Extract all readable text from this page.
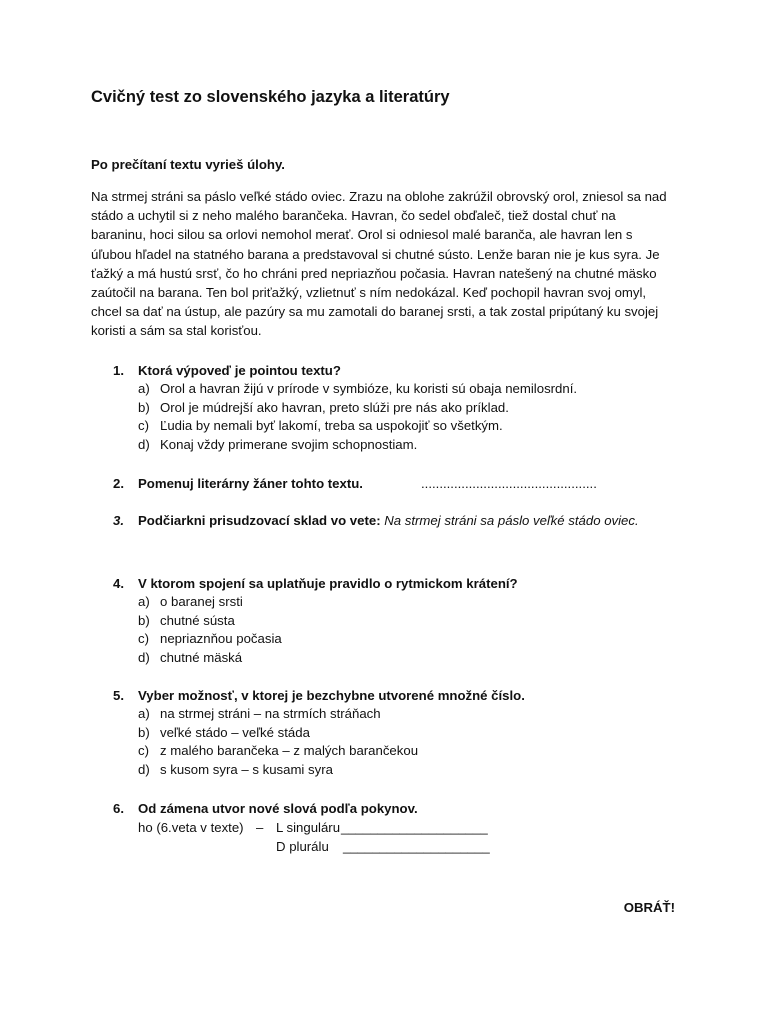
Cvičný test zo slovenského jazyka a literatúry

Po prečítaní textu vyrieš úlohy.

Na strmej stráni sa páslo veľké stádo oviec. Zrazu na oblohe zakrúžil obrovský orol, zniesol sa nad stádo a uchytil si z neho malého barančeka. Havran, čo sedel obďaleč, tiež dostal chuť na baraninu, hoci silou sa orlovi nemohol merať. Orol si odniesol malé baranča, ale havran len s úľubou hľadel na statného barana a predstavoval si chutné sústo. Lenže baran nie je kus syra. Je ťažký a má hustú srsť, čo ho chráni pred nepriazňou počasia. Havran natešený na chutné mäsko zaútočil na barana. Ten bol priťažký, vzlietnuť s ním nedokázal. Keď pochopil havran svoj omyl, chcel sa dať na ústup, ale pazúry sa mu zamotali do baranej srsti, a tak zostal pripútaný ku svojej koristi a sám sa stal korisťou.

1.	Ktorá výpoveď je pointou textu?
a) Orol a havran žijú v prírode v symbióze, ku koristi sú obaja nemilosrdní.
b) Orol je múdrejší ako havran, preto slúži pre nás ako príklad.
c) Ľudia by nemali byť lakomí, treba sa uspokojiť so všetkým.
d) Konaj vždy primerane svojim schopnostiam.
2.	Pomenuj literárny žáner tohto textu.	................................................
3.	Podčiarkni prisudzovací sklad vo vete: Na strmej stráni sa páslo veľké stádo oviec.
4.	V ktorom spojení sa uplatňuje pravidlo o rytmickom krátení?
a) o baranej srsti
b) chutné sústa
c) nepriaznňou počasia
d) chutné mäská
5.	Vyber možnosť, v ktorej je bezchybne utvorené množné číslo.
a) na strmej stráni – na strmích stráňach
b) veľké stádo – veľké stáda
c) z malého barančeka – z malých barančekou
d) s kusom syra – s kusami syra
6.	Od zámena utvor nové slová podľa pokynov.
ho (6.veta v texte) – L singuláru ____________________
D plurálu ____________________

OBRÁŤ!
